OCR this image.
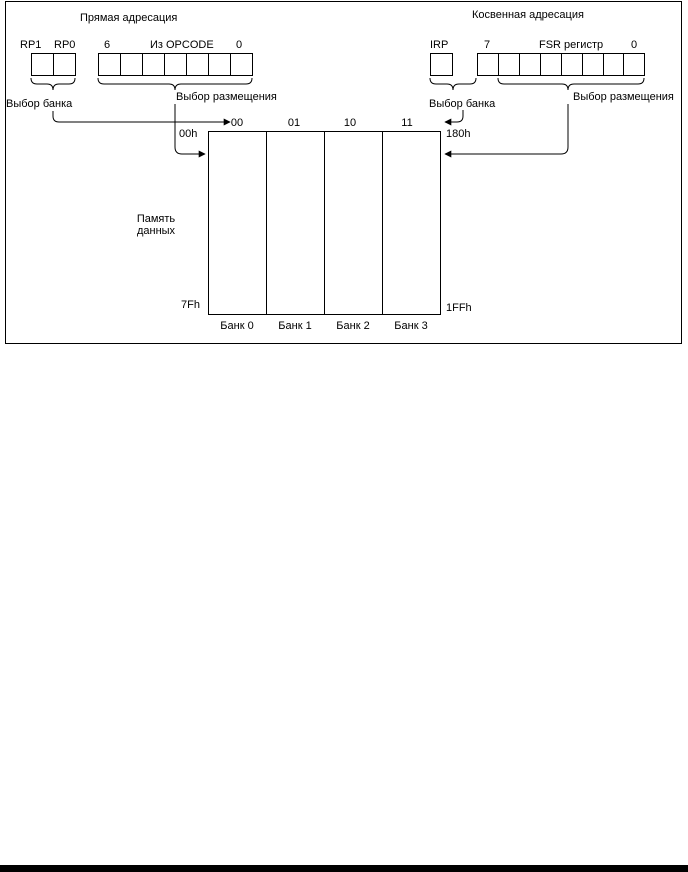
Прямая адресация
RP1 RP0	6	Из OPCODE 0
Выбор банка
Выбор размещения
Косвенная адресация
IRP	7	FSR регистр	0
Выбор банка
Выбор размещения
00	01	10	11
00h	180h
Память
данных
7Fh	1FFh
Банк 0 Банк 1 Банк 2 Банк 3
